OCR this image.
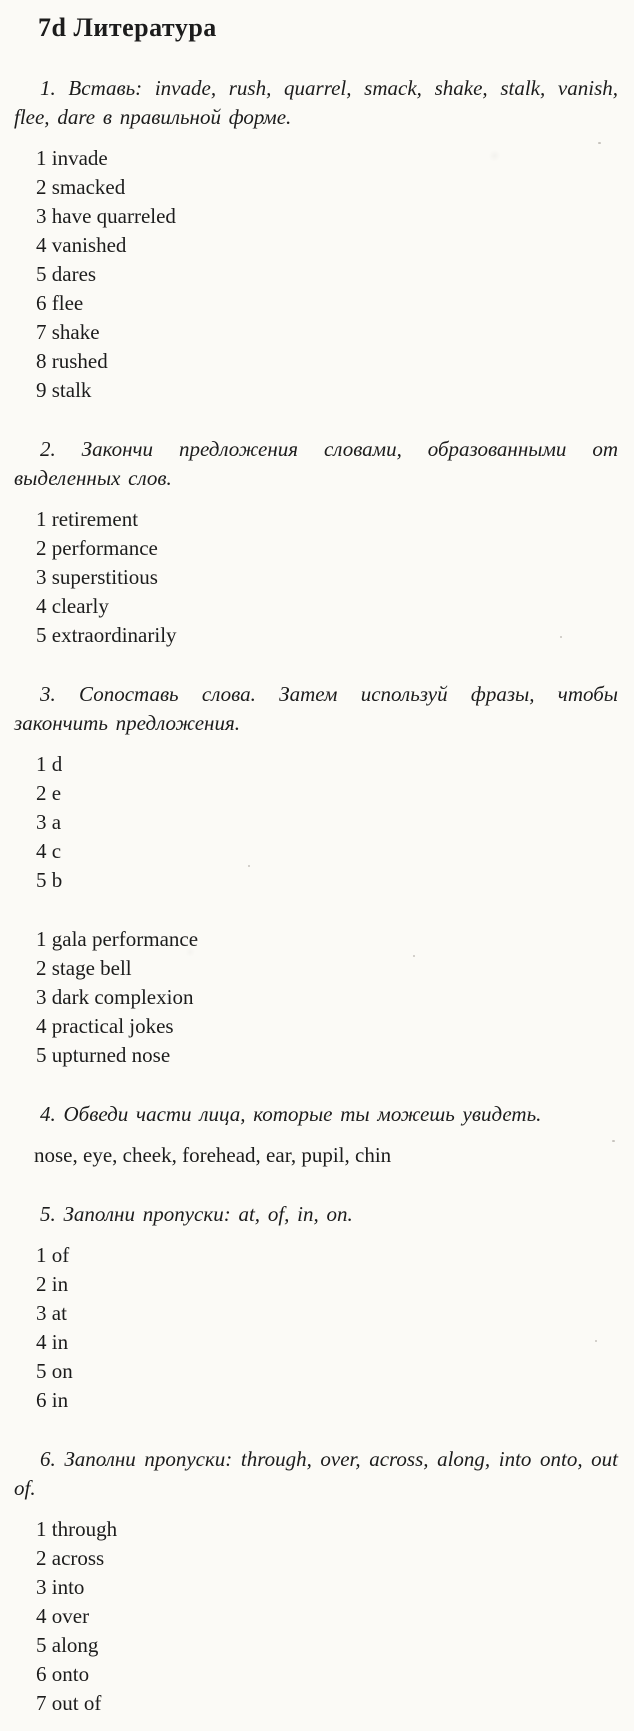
7d Литература

1. Вставь: invade, rush, quarrel, smack, shake, stalk, vanish, flee, dare в правильной форме.

1 invade
2 smacked
3 have quarreled
4 vanished
5 dares
6 flee
7 shake
8 rushed
9 stalk

2. Закончи предложения словами, образованными от выделенных слов.

1 retirement
2 performance
3 superstitious
4 clearly
5 extraordinarily

3. Сопоставь слова. Затем используй фразы, чтобы закончить предложения.

1 d
2 e
3 a
4 c
5 b
1 gala performance
2 stage bell
3 dark complexion
4 practical jokes
5 upturned nose

4. Обведи части лица, которые ты можешь увидеть.

nose, eye, cheek, forehead, ear, pupil, chin

5. Заполни пропуски: at, of, in, on.

1 of
2 in
3 at
4 in
5 on
6 in

6. Заполни пропуски: through, over, across, along, into onto, out of.

1 through
2 across
3 into
4 over
5 along
6 onto
7 out of
